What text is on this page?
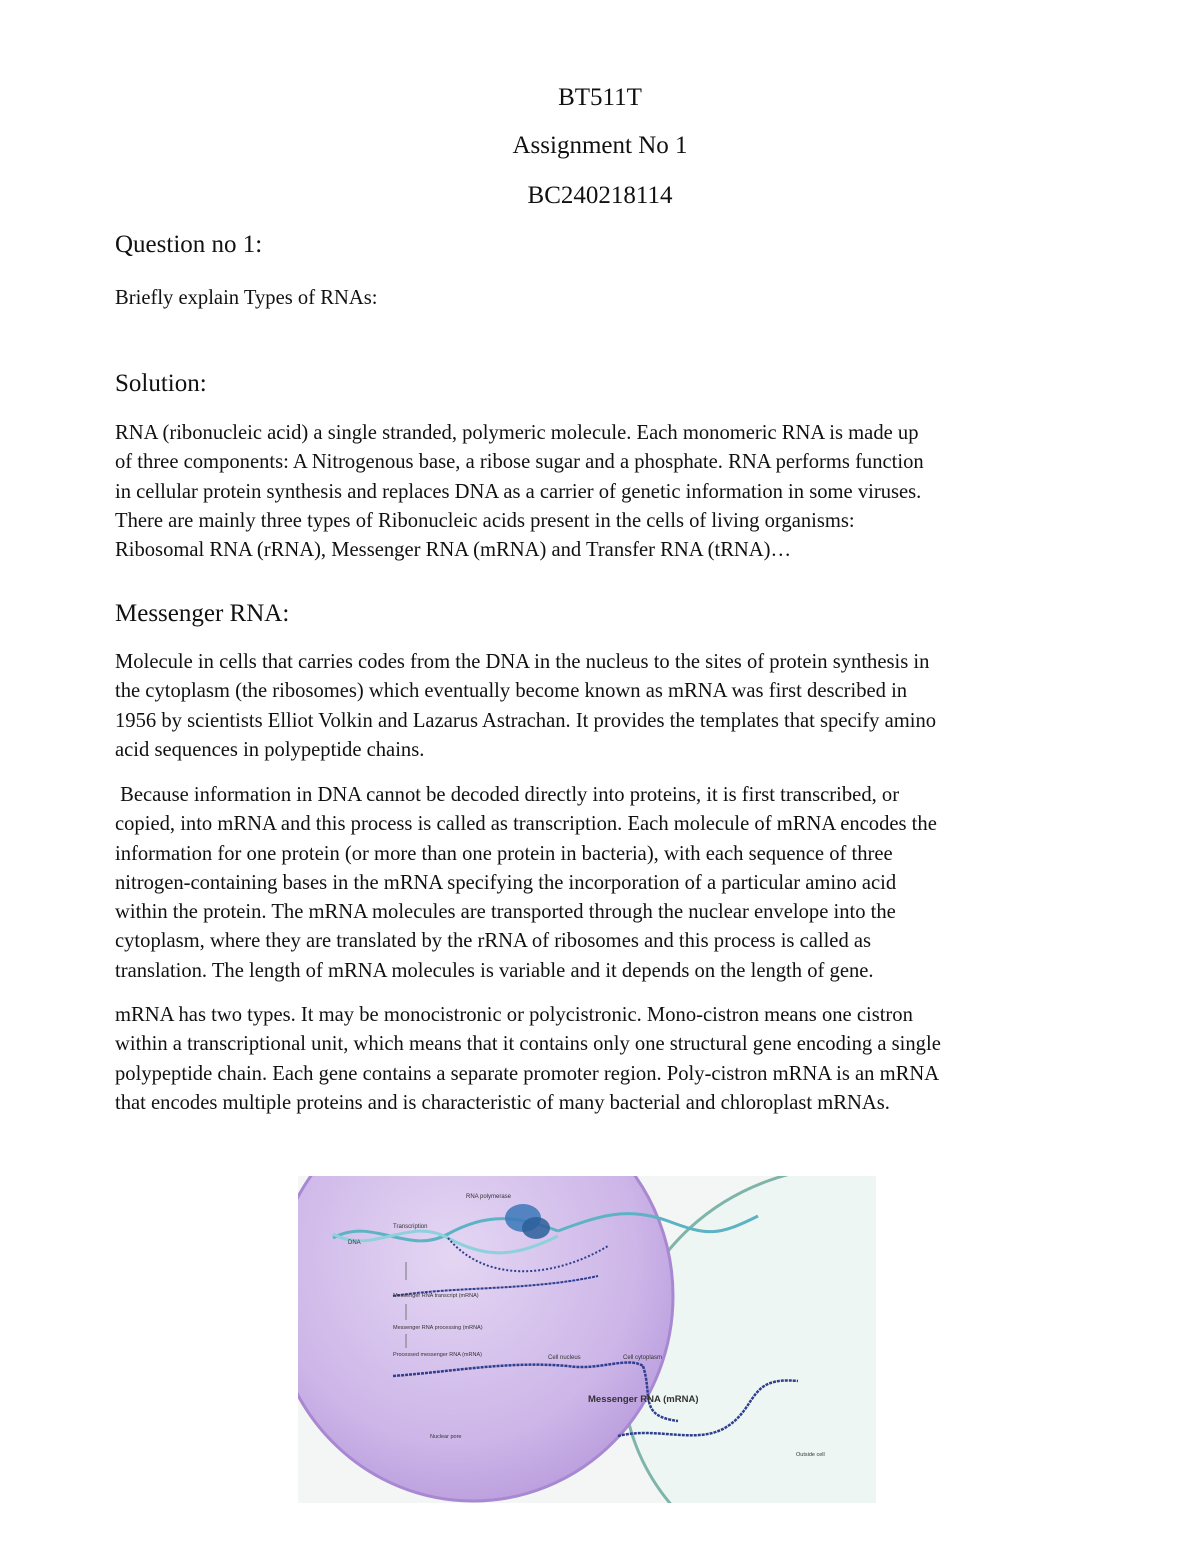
BT511T
Assignment No 1
BC240218114
Question no 1:
Briefly explain Types of RNAs:
Solution:
RNA (ribonucleic acid) a single stranded, polymeric molecule. Each monomeric RNA is made up
of three components: A Nitrogenous base, a ribose sugar and a phosphate. RNA performs function
in cellular protein synthesis and replaces DNA as a carrier of genetic information in some viruses.
There are mainly three types of Ribonucleic acids present in the cells of living organisms:
Ribosomal RNA (rRNA), Messenger RNA (mRNA) and Transfer RNA (tRNA)…
Messenger RNA:
Molecule in cells that carries codes from the DNA in the nucleus to the sites of protein synthesis in
the cytoplasm (the ribosomes) which eventually become known as mRNA was first described in
1956 by scientists Elliot Volkin and Lazarus Astrachan. It provides the templates that specify amino
acid sequences in polypeptide chains.
Because information in DNA cannot be decoded directly into proteins, it is first transcribed, or
copied, into mRNA and this process is called as transcription. Each molecule of mRNA encodes the
information for one protein (or more than one protein in bacteria), with each sequence of three
nitrogen-containing bases in the mRNA specifying the incorporation of a particular amino acid
within the protein. The mRNA molecules are transported through the nuclear envelope into the
cytoplasm, where they are translated by the rRNA of ribosomes and this process is called as
translation. The length of mRNA molecules is variable and it depends on the length of gene.
mRNA has two types. It may be monocistronic or polycistronic. Mono-cistron means one cistron
within a transcriptional unit, which means that it contains only one structural gene encoding a single
polypeptide chain. Each gene contains a separate promoter region. Poly-cistron mRNA is an mRNA
that encodes multiple proteins and is characteristic of many bacterial and chloroplast mRNAs.
RNA polymerase
Transcription
DNA
Messenger RNA transcript (mRNA)
Messenger RNA processing (mRNA)
Processed messenger RNA (mRNA)	Cell nucleus	Cell cytoplasm
Messenger RNA (mRNA)
Nuclear pore
Outside cell
